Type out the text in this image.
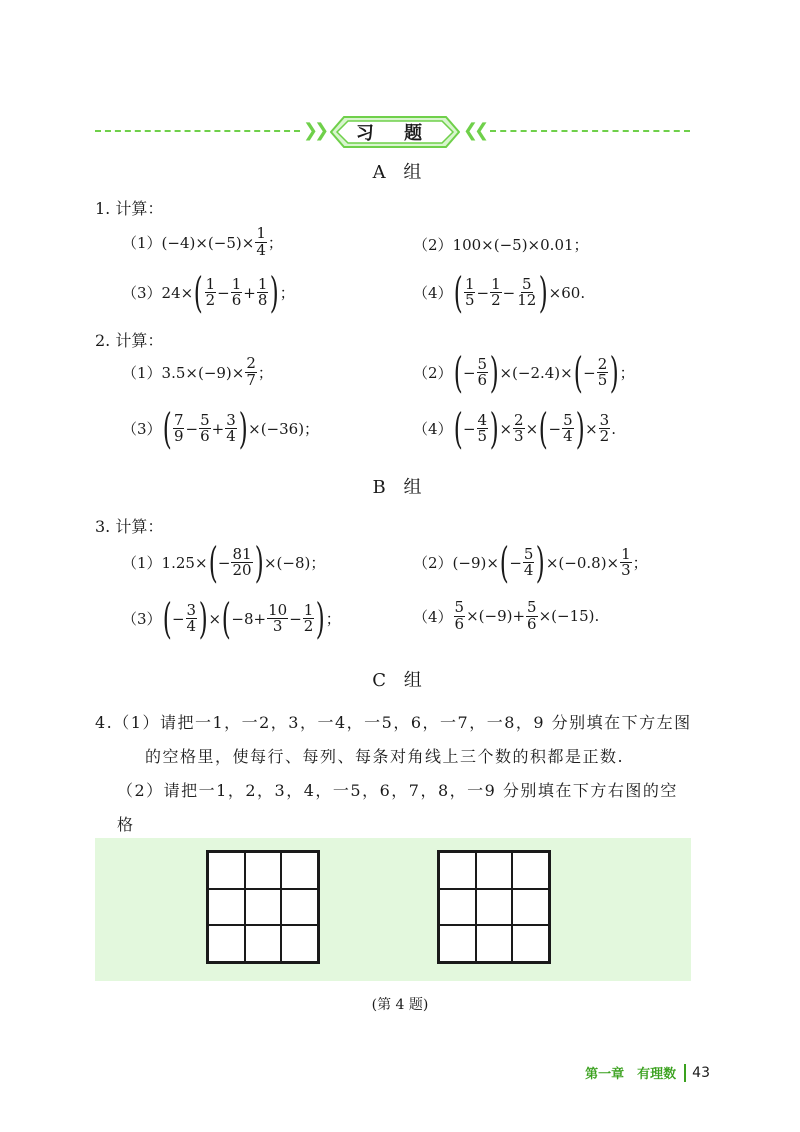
❯❯	习 题	❮❮
A 组
1. 计算：
（1）(−4)×(−5)×
1
4 ；	（2）100×(−5)×0.01；
（3）24× ( 1
2 −
1
6 +
1
8 ) ；	（4） ( 1
5 −
1
2 −
5
12 ) ×60.
2. 计算：
（1）3.5×(−9)×
2
7 ；	（2） ( −
5
6 ) ×(−2.4)× ( −
2
5 ) ；
（3） ( 7
9 −
5
6 +
3
4 ) ×(−36)；	（4） ( −
4
5 ) ×
2
3 × ( −
5
4 ) ×
3
2 .
B 组
3. 计算：
（1）1.25× ( −
81
20 ) ×(−8)；	（2）(−9)× ( −
5
4 ) ×(−0.8)×
1
3 ；
（3） ( −
3
4 ) × ( −8+
10
3 −
1
2 ) ；	（4）
5
6 ×(−9)+
5
6 ×(−15).
C 组
4.（1）请把一1，一2，3，一4，一5，6，一7，一8，9 分别填在下方左图
的空格里，使每行、每列、每条对角线上三个数的积都是正数.
（2）请把一1，2，3，4，一5，6，7，8，一9 分别填在下方右图的空格
(第 4 题)
第一章　有理数 43
